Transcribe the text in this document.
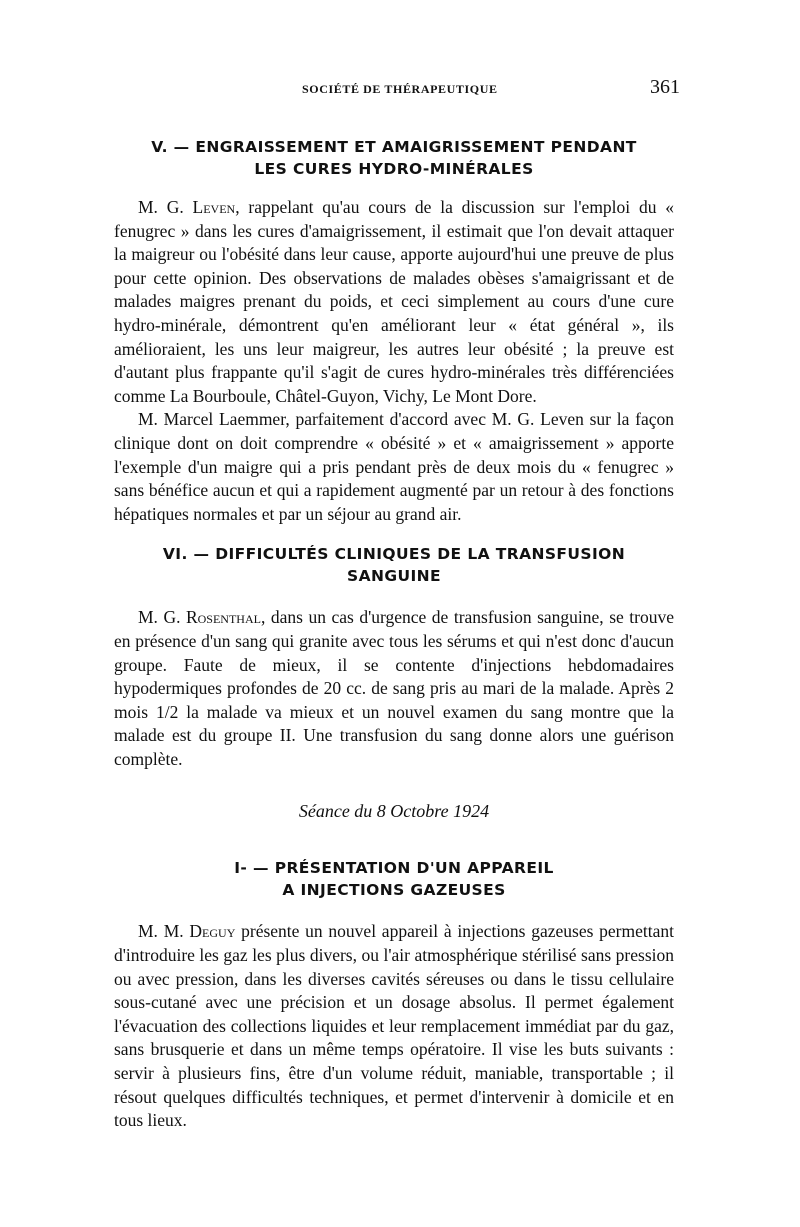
SOCIÉTÉ DE THÉRAPEUTIQUE	361
V. — ENGRAISSEMENT ET AMAIGRISSEMENT PENDANT
LES CURES HYDRO-MINÉRALES

M. G. Leven, rappelant qu'au cours de la discussion sur l'emploi du « fenugrec » dans les cures d'amaigrissement, il estimait que l'on devait attaquer la maigreur ou l'obésité dans leur cause, apporte aujourd'hui une preuve de plus pour cette opinion. Des observations de malades obèses s'amaigrissant et de malades maigres prenant du poids, et ceci simplement au cours d'une cure hydro-minérale, démontrent qu'en améliorant leur « état général », ils amélioraient, les uns leur maigreur, les autres leur obésité ; la preuve est d'autant plus frappante qu'il s'agit de cures hydro-minérales très différenciées comme La Bourboule, Châtel-Guyon, Vichy, Le Mont Dore.

M. Marcel Laemmer, parfaitement d'accord avec M. G. Leven sur la façon clinique dont on doit comprendre « obésité » et « amaigrissement » apporte l'exemple d'un maigre qui a pris pendant près de deux mois du « fenugrec » sans bénéfice aucun et qui a rapidement augmenté par un retour à des fonctions hépatiques normales et par un séjour au grand air.

VI. — DIFFICULTÉS CLINIQUES DE LA TRANSFUSION
SANGUINE

M. G. Rosenthal, dans un cas d'urgence de transfusion sanguine, se trouve en présence d'un sang qui granite avec tous les sérums et qui n'est donc d'aucun groupe. Faute de mieux, il se contente d'injections hebdomadaires hypodermiques profondes de 20 cc. de sang pris au mari de la malade. Après 2 mois 1/2 la malade va mieux et un nouvel examen du sang montre que la malade est du groupe II. Une transfusion du sang donne alors une guérison complète.

Séance du 8 Octobre 1924
I- — PRÉSENTATION D'UN APPAREIL
A INJECTIONS GAZEUSES

M. M. Deguy présente un nouvel appareil à injections gazeuses permettant d'introduire les gaz les plus divers, ou l'air atmosphérique stérilisé sans pression ou avec pression, dans les diverses cavités séreuses ou dans le tissu cellulaire sous-cutané avec une précision et un dosage absolus. Il permet également l'évacuation des collections liquides et leur remplacement immédiat par du gaz, sans brusquerie et dans un même temps opératoire. Il vise les buts suivants : servir à plusieurs fins, être d'un volume réduit, maniable, transportable ; il résout quelques difficultés techniques, et permet d'intervenir à domicile et en tous lieux.
